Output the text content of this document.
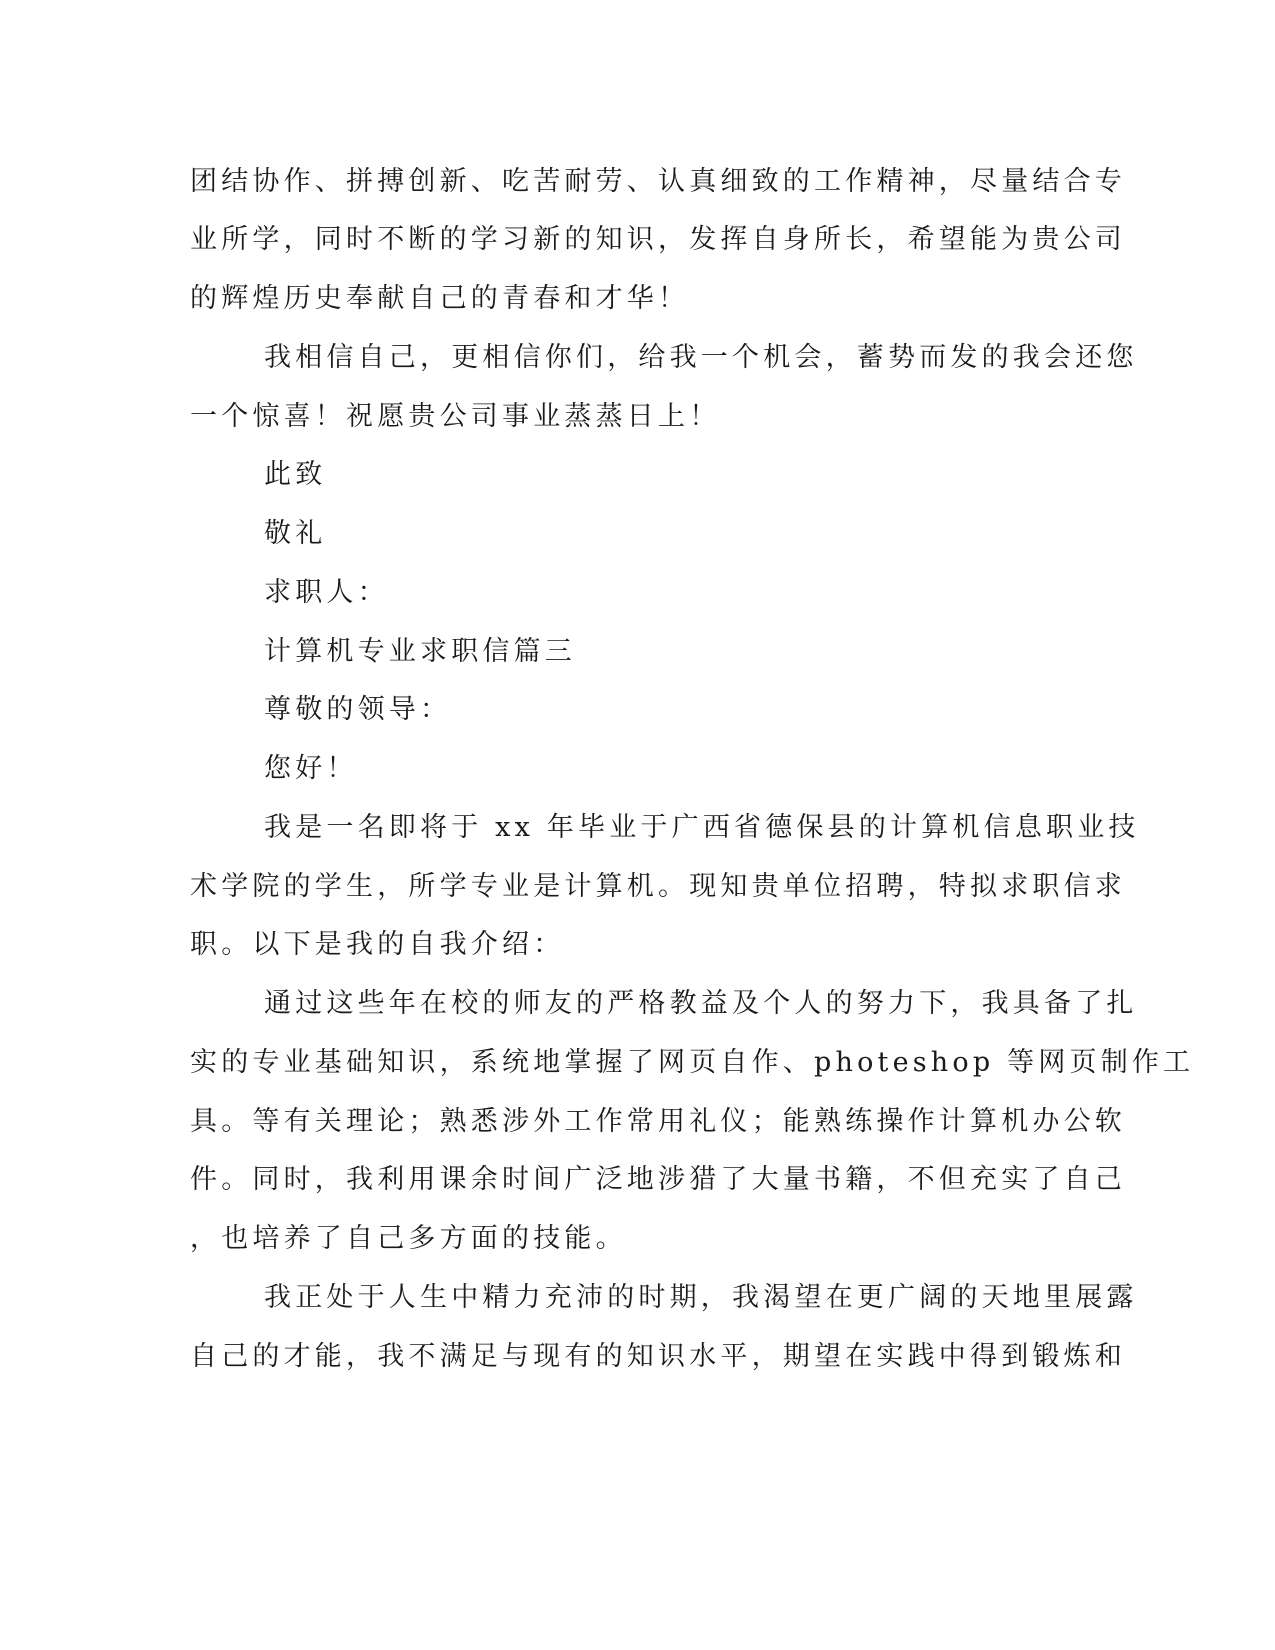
团结协作、拼搏创新、吃苦耐劳、认真细致的工作精神，尽量结合专
业所学，同时不断的学习新的知识，发挥自身所长，希望能为贵公司
的辉煌历史奉献自己的青春和才华！
我相信自己，更相信你们，给我一个机会，蓄势而发的我会还您
一个惊喜！祝愿贵公司事业蒸蒸日上！
此致
敬礼
求职人：
计算机专业求职信篇三
尊敬的领导：
您好！
我是一名即将于 xx 年毕业于广西省德保县的计算机信息职业技
术学院的学生，所学专业是计算机。现知贵单位招聘，特拟求职信求
职。以下是我的自我介绍：
通过这些年在校的师友的严格教益及个人的努力下，我具备了扎
实的专业基础知识，系统地掌握了网页自作、photeshop 等网页制作工
具。等有关理论；熟悉涉外工作常用礼仪；能熟练操作计算机办公软
件。同时，我利用课余时间广泛地涉猎了大量书籍，不但充实了自己
，也培养了自己多方面的技能。
我正处于人生中精力充沛的时期，我渴望在更广阔的天地里展露
自己的才能，我不满足与现有的知识水平，期望在实践中得到锻炼和
